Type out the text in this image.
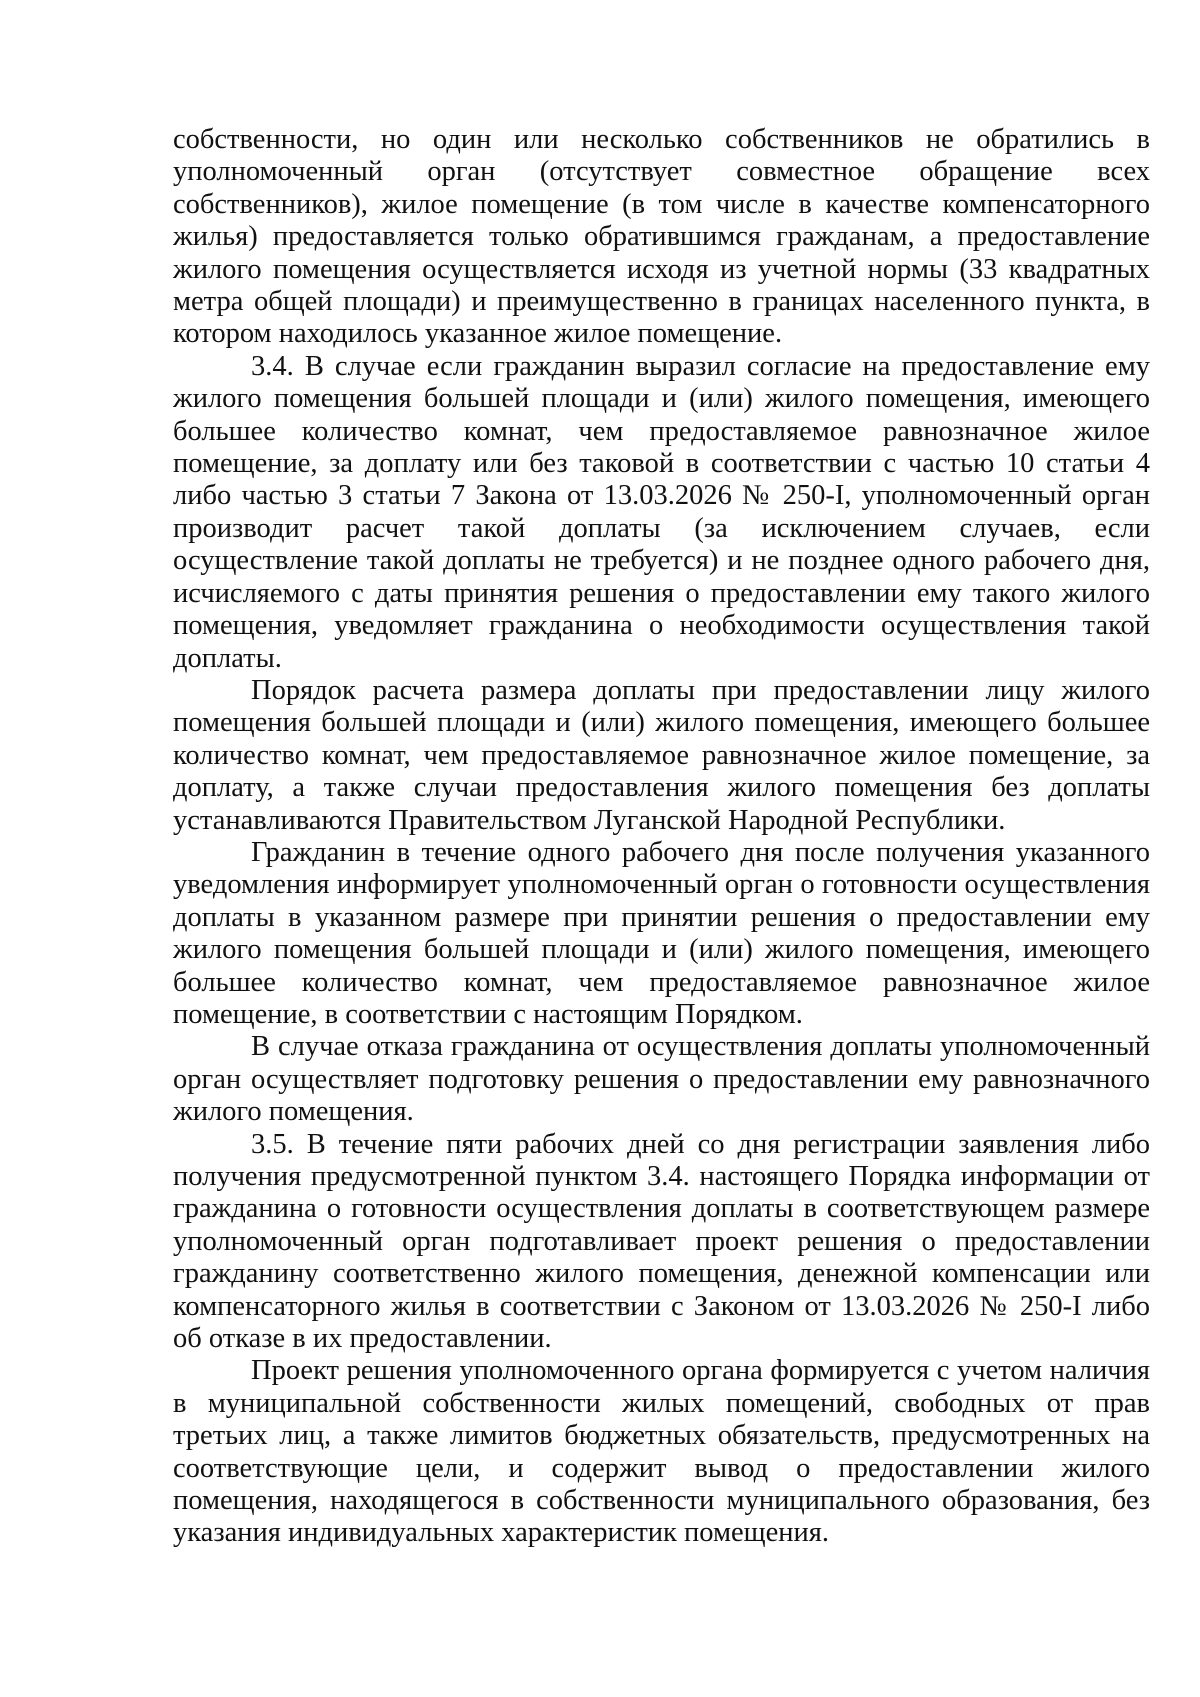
собственности, но один или несколько собственников не обратились в уполномоченный орган (отсутствует совместное обращение всех собственников), жилое помещение (в том числе в качестве компенсаторного жилья) предоставляется только обратившимся гражданам, а предоставление жилого помещения осуществляется исходя из учетной нормы (33 квадратных метра общей площади) и преимущественно в границах населенного пункта, в котором находилось указанное жилое помещение.

3.4. В случае если гражданин выразил согласие на предоставление ему жилого помещения большей площади и (или) жилого помещения, имеющего большее количество комнат, чем предоставляемое равнозначное жилое помещение, за доплату или без таковой в соответствии с частью 10 статьи 4 либо частью 3 статьи 7 Закона от 13.03.2026 № 250-I, уполномоченный орган производит расчет такой доплаты (за исключением случаев, если осуществление такой доплаты не требуется) и не позднее одного рабочего дня, исчисляемого с даты принятия решения о предоставлении ему такого жилого помещения, уведомляет гражданина о необходимости осуществления такой доплаты.

Порядок расчета размера доплаты при предоставлении лицу жилого помещения большей площади и (или) жилого помещения, имеющего большее количество комнат, чем предоставляемое равнозначное жилое помещение, за доплату, а также случаи предоставления жилого помещения без доплаты устанавливаются Правительством Луганской Народной Республики.

Гражданин в течение одного рабочего дня после получения указанного уведомления информирует уполномоченный орган о готовности осуществления доплаты в указанном размере при принятии решения о предоставлении ему жилого помещения большей площади и (или) жилого помещения, имеющего большее количество комнат, чем предоставляемое равнозначное жилое помещение, в соответствии с настоящим Порядком.

В случае отказа гражданина от осуществления доплаты уполномоченный орган осуществляет подготовку решения о предоставлении ему равнозначного жилого помещения.

3.5. В течение пяти рабочих дней со дня регистрации заявления либо получения предусмотренной пунктом 3.4. настоящего Порядка информации от гражданина о готовности осуществления доплаты в соответствующем размере уполномоченный орган подготавливает проект решения о предоставлении гражданину соответственно жилого помещения, денежной компенсации или компенсаторного жилья в соответствии с Законом от 13.03.2026 № 250-I либо об отказе в их предоставлении.

Проект решения уполномоченного органа формируется с учетом наличия в муниципальной собственности жилых помещений, свободных от прав третьих лиц, а также лимитов бюджетных обязательств, предусмотренных на соответствующие цели, и содержит вывод о предоставлении жилого помещения, находящегося в собственности муниципального образования, без указания индивидуальных характеристик помещения.
